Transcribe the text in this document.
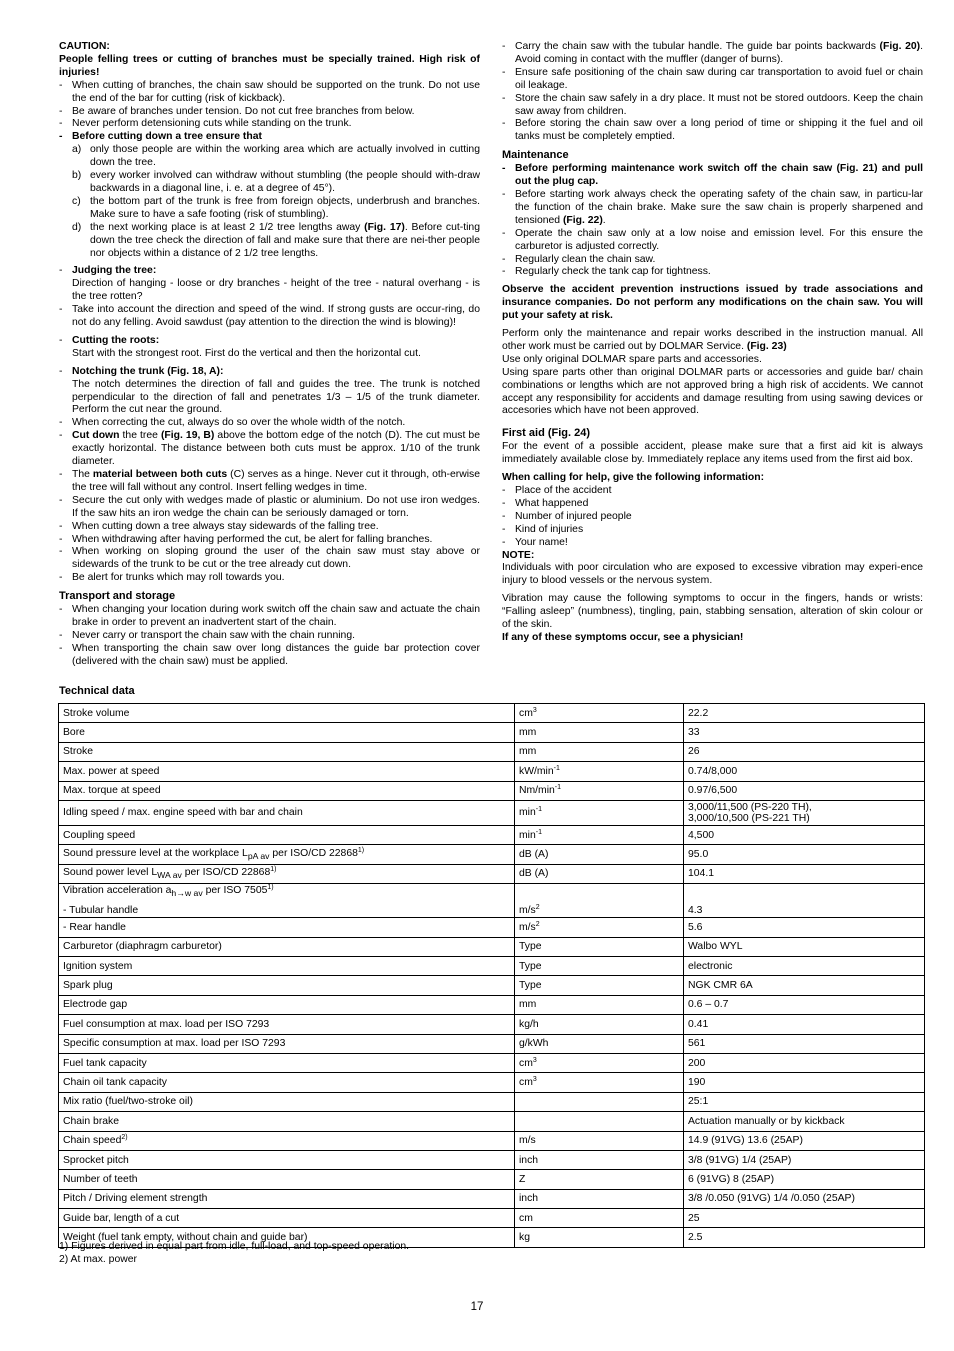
CAUTION:

People felling trees or cutting of branches must be specially trained. High risk of injuries!

- When cutting of branches, the chain saw should be supported on the trunk. Do not use the end of the bar for cutting (risk of kickback).
- Be aware of branches under tension. Do not cut free branches from below.
- Never perform detensioning cuts while standing on the trunk.
- Before cutting down a tree ensure that
a) only those people are within the working area which are actually involved in cutting down the tree.
b) every worker involved can withdraw without stumbling (the people should with-draw backwards in a diagonal line, i. e. at a degree of 45°).
c) the bottom part of the trunk is free from foreign objects, underbrush and branches. Make sure to have a safe footing (risk of stumbling).
d) the next working place is at least 2 1/2 tree lengths away (Fig. 17). Before cut-ting down the tree check the direction of fall and make sure that there are nei-ther people nor objects within a distance of 2 1/2 tree lengths.
- Judging the tree:
Direction of hanging - loose or dry branches - height of the tree - natural overhang - is the tree rotten?
- Take into account the direction and speed of the wind. If strong gusts are occur-ring, do not do any felling. Avoid sawdust (pay attention to the direction the wind is blowing)!
- Cutting the roots:
Start with the strongest root. First do the vertical and then the horizontal cut.
- Notching the trunk (Fig. 18, A):
The notch determines the direction of fall and guides the tree. The trunk is notched perpendicular to the direction of fall and penetrates 1/3 – 1/5 of the trunk diameter. Perform the cut near the ground.
- When correcting the cut, always do so over the whole width of the notch.
- Cut down the tree (Fig. 19, B) above the bottom edge of the notch (D). The cut must be exactly horizontal. The distance between both cuts must be approx. 1/10 of the trunk diameter.
- The material between both cuts (C) serves as a hinge. Never cut it through, oth-erwise the tree will fall without any control. Insert felling wedges in time.
- Secure the cut only with wedges made of plastic or aluminium. Do not use iron wedges. If the saw hits an iron wedge the chain can be seriously damaged or torn.
- When cutting down a tree always stay sidewards of the falling tree.
- When withdrawing after having performed the cut, be alert for falling branches.
- When working on sloping ground the user of the chain saw must stay above or sidewards of the trunk to be cut or the tree already cut down.
- Be alert for trunks which may roll towards you.
Transport and storage
- When changing your location during work switch off the chain saw and actuate the chain brake in order to prevent an inadvertent start of the chain.
- Never carry or transport the chain saw with the chain running.
- When transporting the chain saw over long distances the guide bar protection cover (delivered with the chain saw) must be applied.
- Carry the chain saw with the tubular handle. The guide bar points backwards (Fig. 20). Avoid coming in contact with the muffler (danger of burns).
- Ensure safe positioning of the chain saw during car transportation to avoid fuel or chain oil leakage.
- Store the chain saw safely in a dry place. It must not be stored outdoors. Keep the chain saw away from children.
- Before storing the chain saw over a long period of time or shipping it the fuel and oil tanks must be completely emptied.
Maintenance
- Before performing maintenance work switch off the chain saw (Fig. 21) and pull out the plug cap.
- Before starting work always check the operating safety of the chain saw, in particu-lar the function of the chain brake. Make sure the saw chain is properly sharpened and tensioned (Fig. 22).
- Operate the chain saw only at a low noise and emission level. For this ensure the carburetor is adjusted correctly.
- Regularly clean the chain saw.
- Regularly check the tank cap for tightness.

Observe the accident prevention instructions issued by trade associations and insurance companies. Do not perform any modifications on the chain saw. You will put your safety at risk.

Perform only the maintenance and repair works described in the instruction manual. All other work must be carried out by DOLMAR Service. (Fig. 23)

Use only original DOLMAR spare parts and accessories.

Using spare parts other than original DOLMAR parts or accessories and guide bar/ chain combinations or lengths which are not approved bring a high risk of accidents. We cannot accept any responsibility for accidents and damage resulting from using sawing devices or accesories which have not been approved.

First aid (Fig. 24)

For the event of a possible accident, please make sure that a first aid kit is always immediately available close by. Immediately replace any items used from the first aid box.

When calling for help, give the following information:

- Place of the accident
- What happened
- Number of injured people
- Kind of injuries
- Your name!

NOTE:

Individuals with poor circulation who are exposed to excessive vibration may experi-ence injury to blood vessels or the nervous system.

Vibration may cause the following symptoms to occur in the fingers, hands or wrists: “Falling asleep” (numbness), tingling, pain, stabbing sensation, alteration of skin colour or of the skin.

If any of these symptoms occur, see a physician!

Technical data
Stroke volume	$cm^3$	22.2

Bore	mm	33

Stroke	mm	26

Max. power at speed	$kW/\min^{-1}$	0.74/8,000

Max. torque at speed	$Nm/\min^{-1}$	0.97/6,500

Idling speed / max. engine speed with bar and chain	$\min^{-1}$	3,000/11,500 (PS-220 TH),
3,000/10,500 (PS-221 TH)

Coupling speed	$\min^{-1}$	4,500

Sound pressure level at the workplace $L_{pA av}$ per ISO/CD 22868$^{1)}$	dB (A)	95.0

Sound power level $L_{WA av}$ per ISO/CD 22868$^{1)}$	dB (A)	104.1

Vibration acceleration $a_{h\to w av}$ per ISO 7505$^{1)}$
- Tubular handle	$m/s^2$	4.3

- Rear handle	$m/s^2$	5.6

Carburetor (diaphragm carburetor)	Type	Walbo WYL

Ignition system	Type	electronic

Spark plug	Type	NGK CMR 6A

Electrode gap	mm	0.6 – 0.7

Fuel consumption at max. load per ISO 7293	kg/h	0.41

Specific consumption at max. load per ISO 7293	g/kWh	561

Fuel tank capacity	$cm^3$	200

Chain oil tank capacity	$cm^3$	190

Mix ratio (fuel/two-stroke oil)		25:1

Chain brake		Actuation manually or by kickback

Chain speed$^{2)}$	m/s	14.9 (91VG) 13.6 (25AP)

Sprocket pitch	inch	3/8 (91VG) 1/4 (25AP)

Number of teeth	Z	6 (91VG) 8 (25AP)

Pitch / Driving element strength	inch	3/8 /0.050 (91VG) 1/4 /0.050 (25AP)

Guide bar, length of a cut	cm	25

Weight (fuel tank empty, without chain and guide bar)	kg	2.5
1) Figures derived in equal part from idle, full-load, and top-speed operation.
2) At max. power
17
